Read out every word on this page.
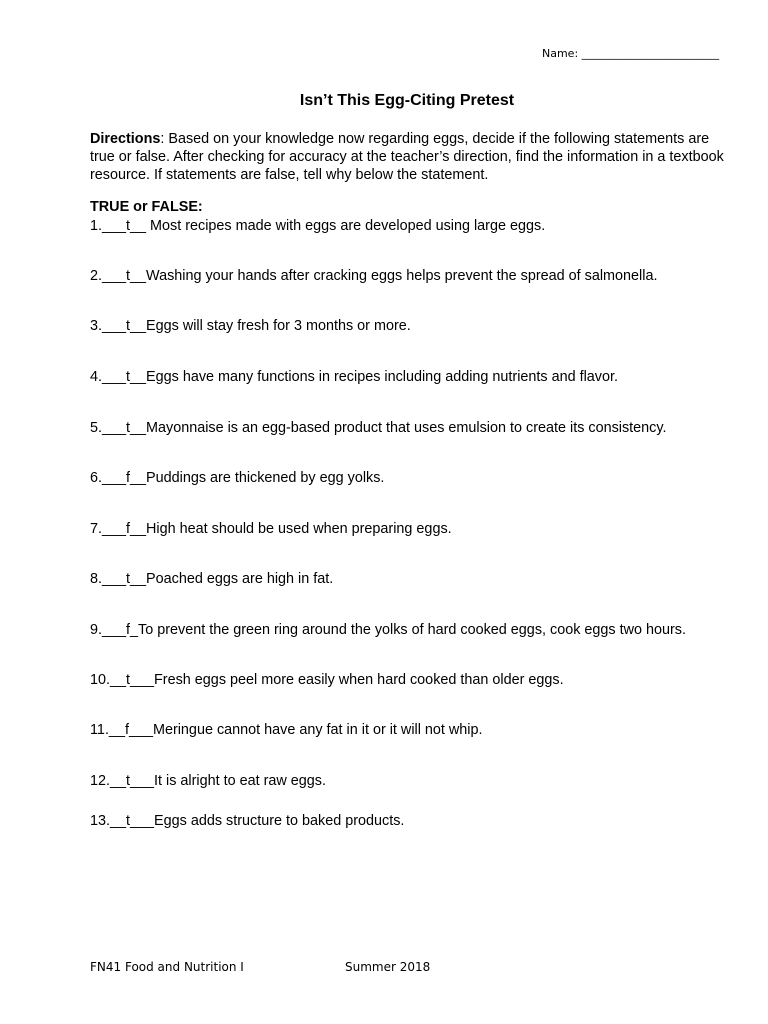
Name: _________________________
Isn’t This Egg-Citing Pretest
Directions: Based on your knowledge now regarding eggs, decide if the following statements are true or false. After checking for accuracy at the teacher’s direction, find the information in a textbook resource. If statements are false, tell why below the statement.
TRUE or FALSE:
1.___t__ Most recipes made with eggs are developed using large eggs.
2.___t__Washing your hands after cracking eggs helps prevent the spread of salmonella.
3.___t__Eggs will stay fresh for 3 months or more.
4.___t__Eggs have many functions in recipes including adding nutrients and flavor.
5.___t__Mayonnaise is an egg-based product that uses emulsion to create its consistency.
6.___f__Puddings are thickened by egg yolks.
7.___f__High heat should be used when preparing eggs.
8.___t__Poached eggs are high in fat.
9.___f_To prevent the green ring around the yolks of hard cooked eggs, cook eggs two hours.
10.__t___Fresh eggs peel more easily when hard cooked than older eggs.
11.__f___Meringue cannot have any fat in it or it will not whip.
12.__t___It is alright to eat raw eggs.
13.__t___Eggs adds structure to baked products.
FN41 Food and Nutrition I	Summer 2018
